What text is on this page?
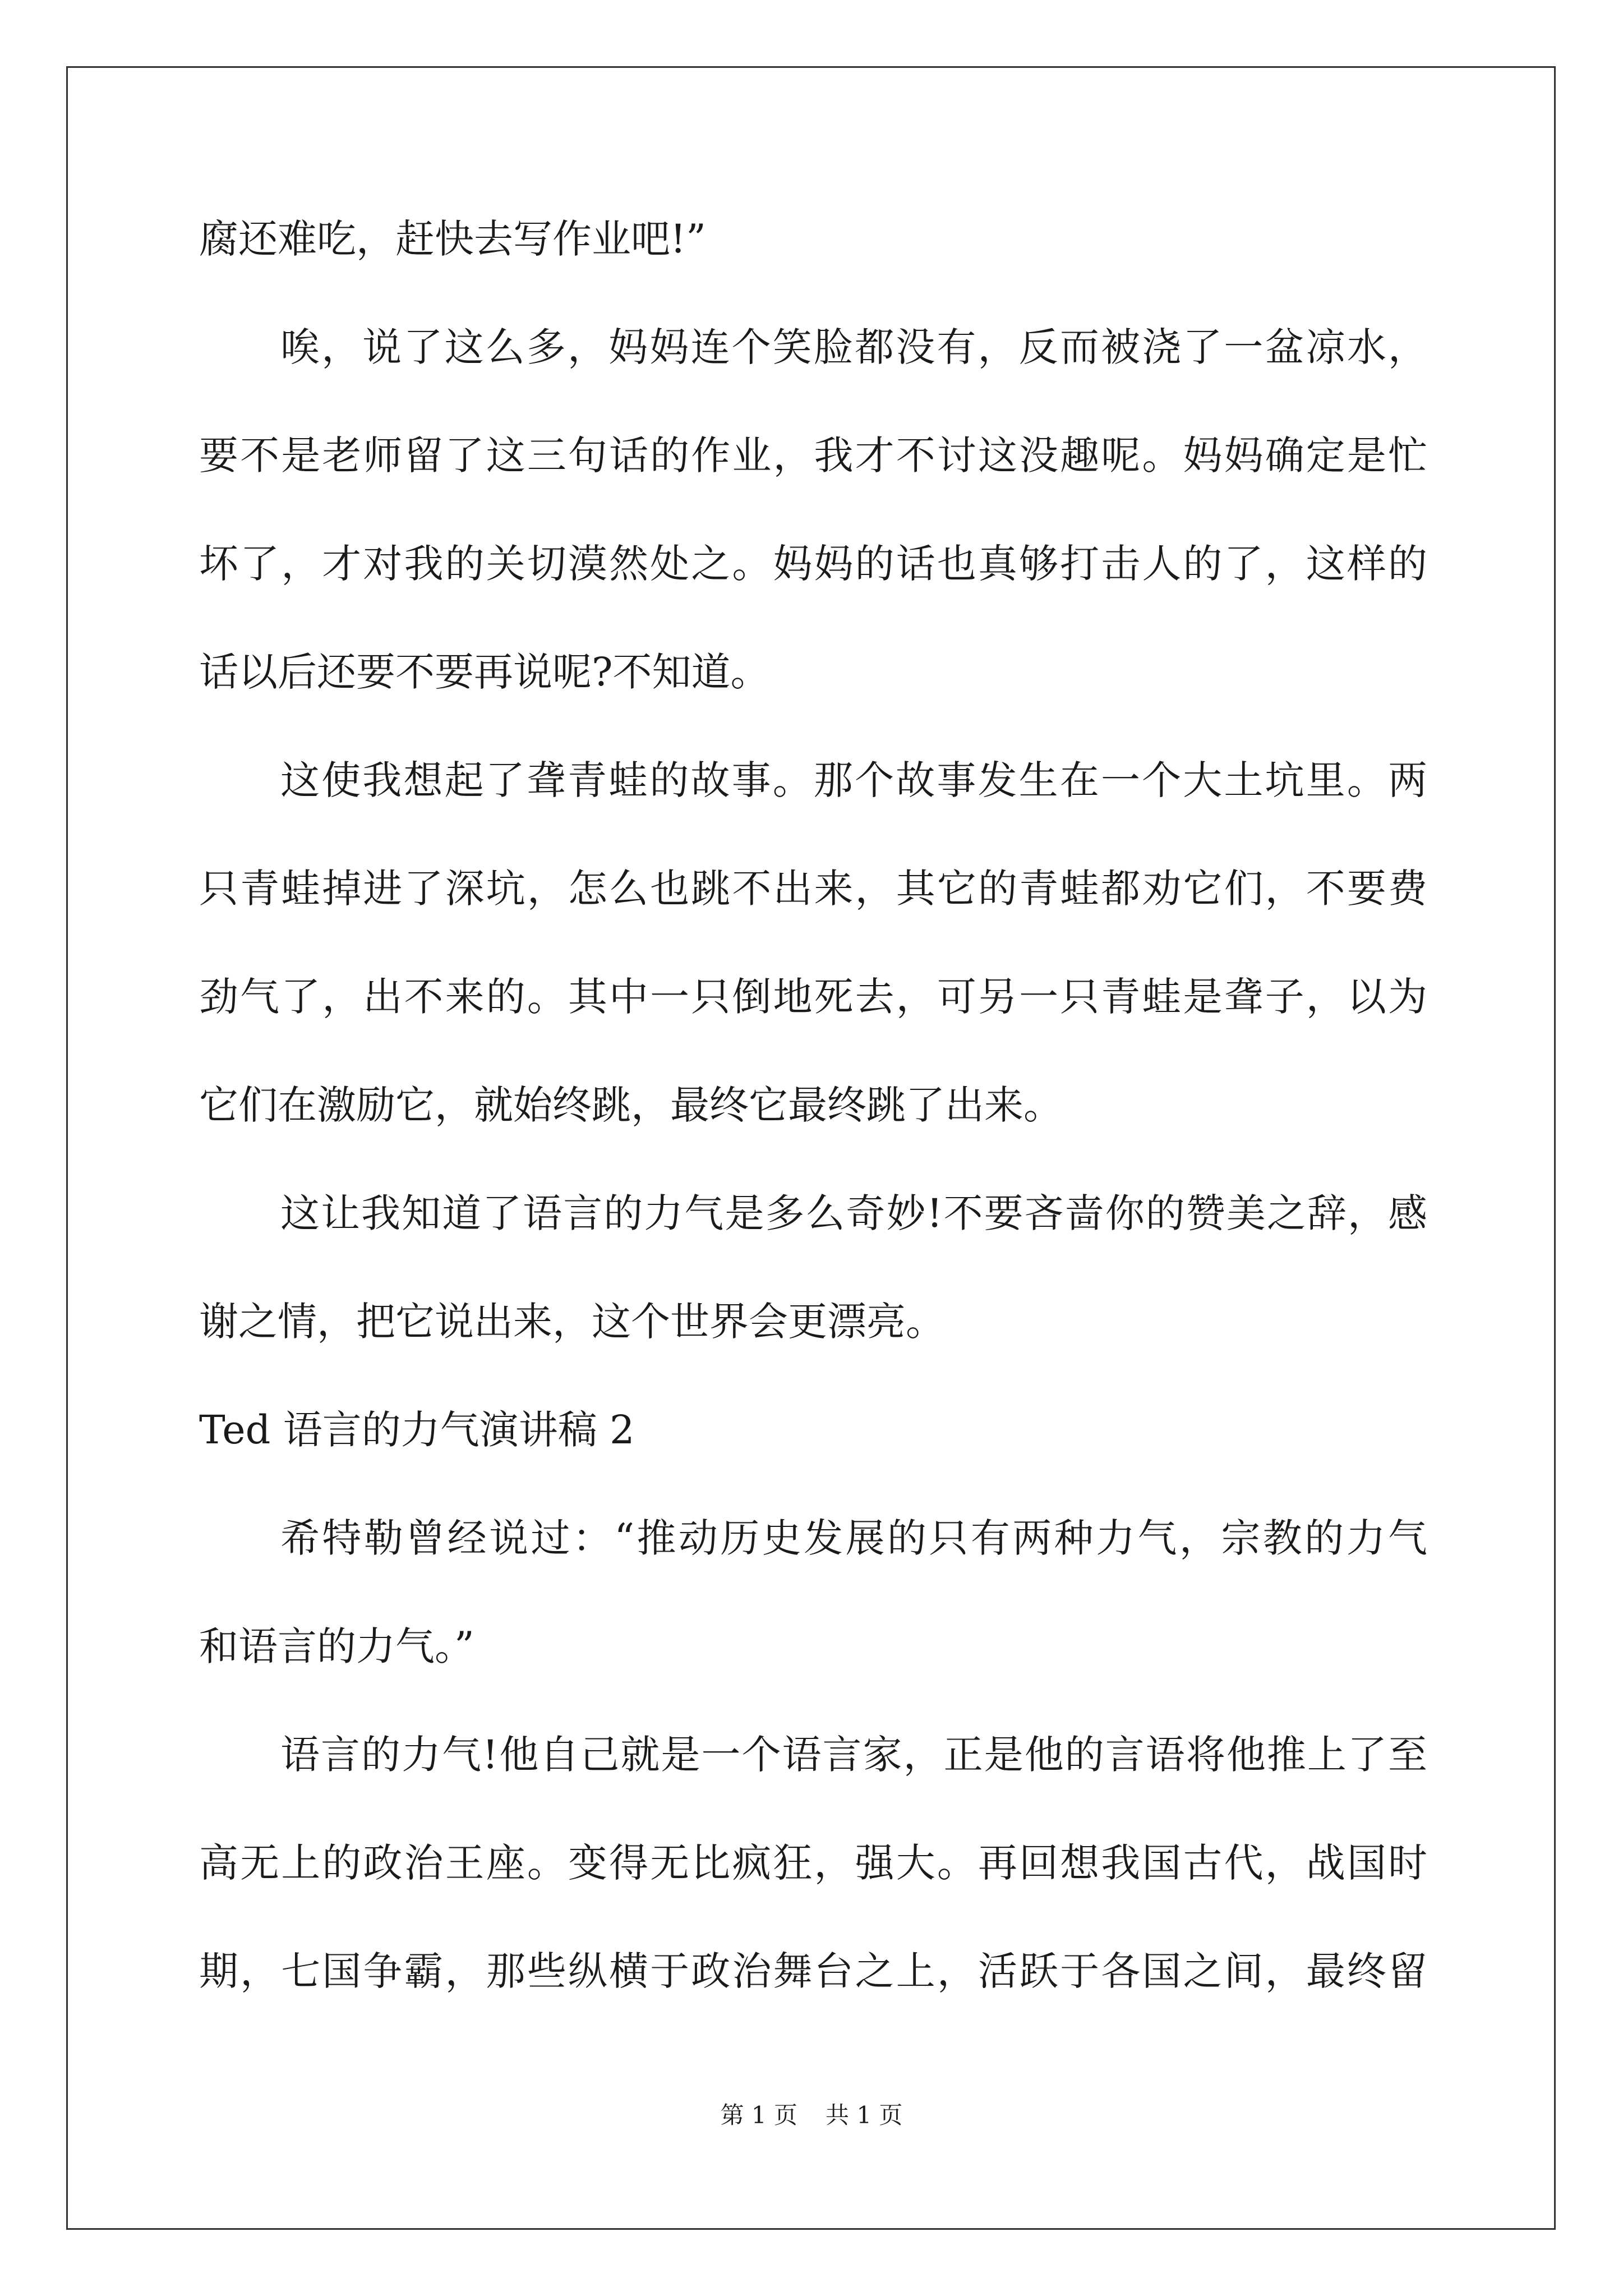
腐还难吃，赶快去写作业吧!”
唉，说了这么多，妈妈连个笑脸都没有，反而被浇了一盆凉水，
要不是老师留了这三句话的作业，我才不讨这没趣呢。妈妈确定是忙
坏了，才对我的关切漠然处之。妈妈的话也真够打击人的了，这样的
话以后还要不要再说呢?不知道。
这使我想起了聋青蛙的故事。那个故事发生在一个大土坑里。两
只青蛙掉进了深坑，怎么也跳不出来，其它的青蛙都劝它们，不要费
劲气了，出不来的。其中一只倒地死去，可另一只青蛙是聋子，以为
它们在激励它，就始终跳，最终它最终跳了出来。
这让我知道了语言的力气是多么奇妙!不要吝啬你的赞美之辞，感
谢之情，把它说出来，这个世界会更漂亮。
Ted 语言的力气演讲稿 2
希特勒曾经说过：“推动历史发展的只有两种力气，宗教的力气
和语言的力气。”
语言的力气!他自己就是一个语言家，正是他的言语将他推上了至
高无上的政治王座。变得无比疯狂，强大。再回想我国古代，战国时
期，七国争霸，那些纵横于政治舞台之上，活跃于各国之间，最终留
第 1 页 共 1 页
